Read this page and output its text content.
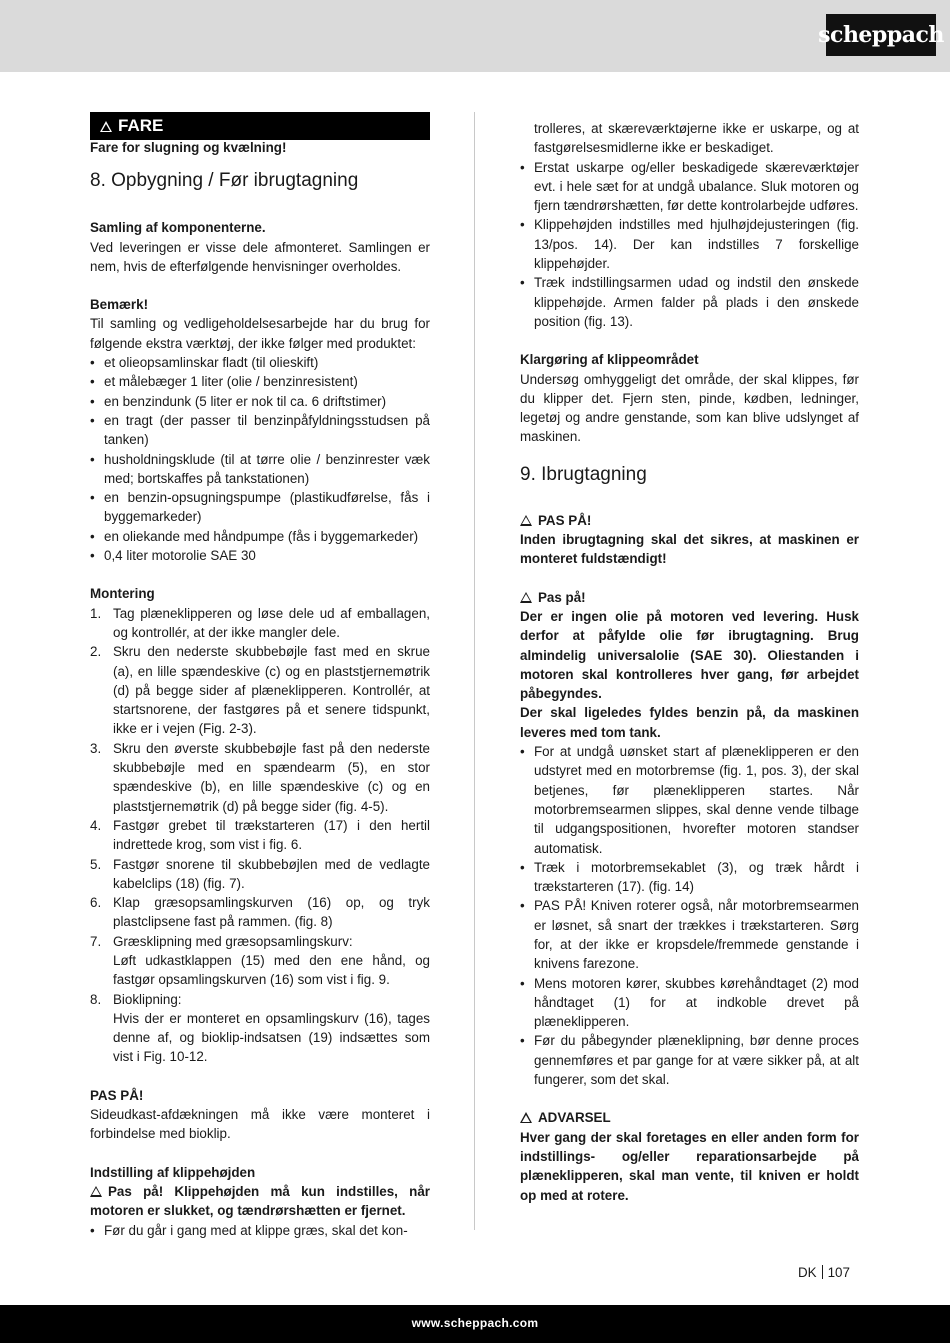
scheppach
FARE

Fare for slugning og kvælning!

8. Opbygning / Før ibrugtagning

Samling af komponenterne.

Ved leveringen er visse dele afmonteret. Samlingen er nem, hvis de efterfølgende henvisninger overholdes.

Bemærk!

Til samling og vedligeholdelsesarbejde har du brug for følgende ekstra værktøj, der ikke følger med produktet:

• et olieopsamlinskar fladt (til olieskift)
• et målebæger 1 liter (olie / benzinresistent)
• en benzindunk (5 liter er nok til ca. 6 driftstimer)
• en tragt (der passer til benzinpåfyldningsstudsen på tanken)
• husholdningsklude (til at tørre olie / benzinrester væk med; bortskaffes på tankstationen)
• en benzin-opsugningspumpe (plastikudførelse, fås i byggemarkeder)
• en oliekande med håndpumpe (fås i byggemarkeder)
• 0,4 liter motorolie SAE 30

Montering

1. Tag plæneklipperen og løse dele ud af emballagen, og kontrollér, at der ikke mangler dele.
2. Skru den nederste skubbebøjle fast med en skrue (a), en lille spændeskive (c) og en plaststjernemøtrik (d) på begge sider af plæneklipperen. Kontrollér, at startsnorene, der fastgøres på et senere tidspunkt, ikke er i vejen (Fig. 2-3).
3. Skru den øverste skubbebøjle fast på den nederste skubbebøjle med en spændearm (5), en stor spændeskive (b), en lille spændeskive (c) og en plaststjernemøtrik (d) på begge sider (fig. 4-5).
4. Fastgør grebet til trækstarteren (17) i den hertil indrettede krog, som vist i fig. 6.
5. Fastgør snorene til skubbebøjlen med de vedlagte kabelclips (18) (fig. 7).
6. Klap græsopsamlingskurven (16) op, og tryk plastclipsene fast på rammen. (fig. 8)
7. Græsklipning med græsopsamlingskurv:
Løft udkastklappen (15) med den ene hånd, og fastgør opsamlingskurven (16) som vist i fig. 9.
8. Bioklipning:
Hvis der er monteret en opsamlingskurv (16), tages denne af, og bioklip-indsatsen (19) indsættes som vist i Fig. 10-12.

PAS PÅ!

Sideudkast-afdækningen må ikke være monteret i forbindelse med bioklip.

Indstilling af klippehøjden

Pas på! Klippehøjden må kun indstilles, når motoren er slukket, og tændrørshætten er fjernet.

• Før du går i gang med at klippe græs, skal det kon-

trolleres, at skæreværktøjerne ikke er uskarpe, og at fastgørelsesmidlerne ikke er beskadiget.

• Erstat uskarpe og/eller beskadigede skæreværktøjer evt. i hele sæt for at undgå ubalance. Sluk motoren og fjern tændrørshætten, før dette kontrolarbejde udføres.
• Klippehøjden indstilles med hjulhøjdejusteringen (fig. 13/pos. 14). Der kan indstilles 7 forskellige klippehøjder.
• Træk indstillingsarmen udad og indstil den ønskede klippehøjde. Armen falder på plads i den ønskede position (fig. 13).

Klargøring af klippeområdet

Undersøg omhyggeligt det område, der skal klippes, før du klipper det. Fjern sten, pinde, kødben, ledninger, legetøj og andre genstande, som kan blive udslynget af maskinen.

9. Ibrugtagning

PAS PÅ!

Inden ibrugtagning skal det sikres, at maskinen er monteret fuldstændigt!

Pas på!

Der er ingen olie på motoren ved levering. Husk derfor at påfylde olie før ibrugtagning. Brug almindelig universalolie (SAE 30). Oliestanden i motoren skal kontrolleres hver gang, før arbejdet påbegyndes.

Der skal ligeledes fyldes benzin på, da maskinen leveres med tom tank.

• For at undgå uønsket start af plæneklipperen er den udstyret med en motorbremse (fig. 1, pos. 3), der skal betjenes, før plæneklipperen startes. Når motorbremsearmen slippes, skal denne vende tilbage til udgangspositionen, hvorefter motoren standser automatisk.
• Træk i motorbremsekablet (3), og træk hårdt i trækstarteren (17). (fig. 14)
• PAS PÅ! Kniven roterer også, når motorbremsearmen er løsnet, så snart der trækkes i trækstarteren. Sørg for, at der ikke er kropsdele/fremmede genstande i knivens farezone.
• Mens motoren kører, skubbes kørehåndtaget (2) mod håndtaget (1) for at indkoble drevet på plæneklipperen.
• Før du påbegynder plæneklipning, bør denne proces gennemføres et par gange for at være sikker på, at alt fungerer, som det skal.

ADVARSEL

Hver gang der skal foretages en eller anden form for indstillings- og/eller reparationsarbejde på plæneklipperen, skal man vente, til kniven er holdt op med at rotere.

DK 107
www.scheppach.com
